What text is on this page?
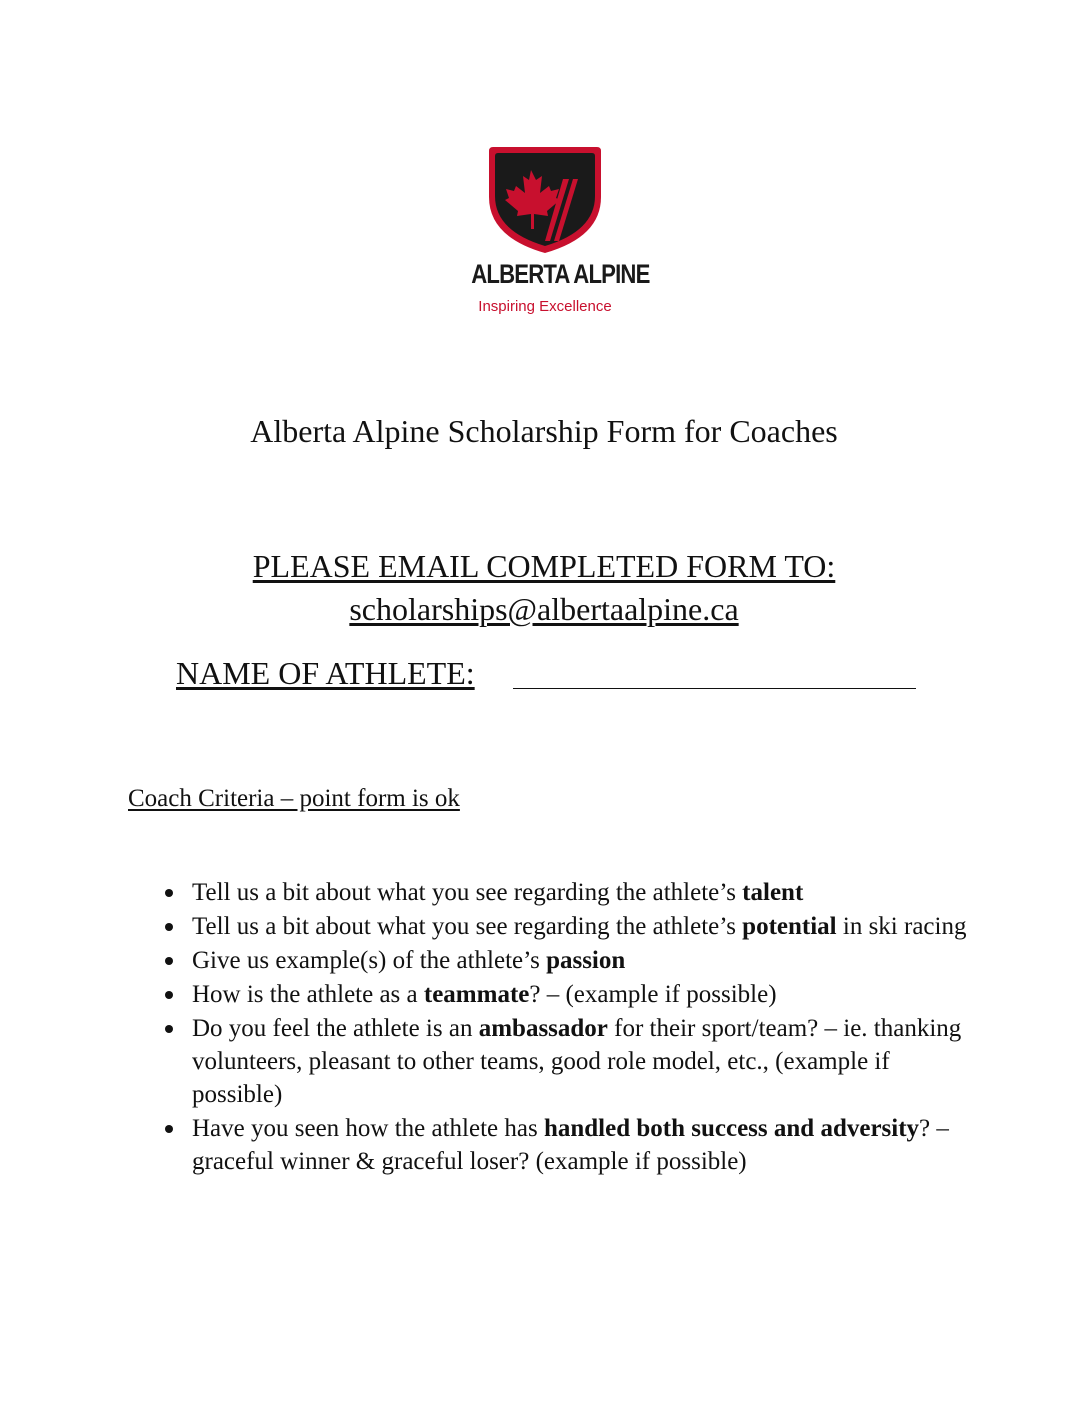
ALBERTA ALPINE
Inspiring Excellence
Alberta Alpine Scholarship Form for Coaches
PLEASE EMAIL COMPLETED FORM TO:
scholarships@albertaalpine.ca
NAME OF ATHLETE:
Coach Criteria – point form is ok
Tell us a bit about what you see regarding the athlete’s talent
Tell us a bit about what you see regarding the athlete’s potential in ski racing
Give us example(s) of the athlete’s passion
How is the athlete as a teammate? – (example if possible)
Do you feel the athlete is an ambassador for their sport/team? – ie. thanking volunteers, pleasant to other teams, good role model, etc., (example if possible)
Have you seen how the athlete has handled both success and adversity? – graceful winner & graceful loser? (example if possible)
